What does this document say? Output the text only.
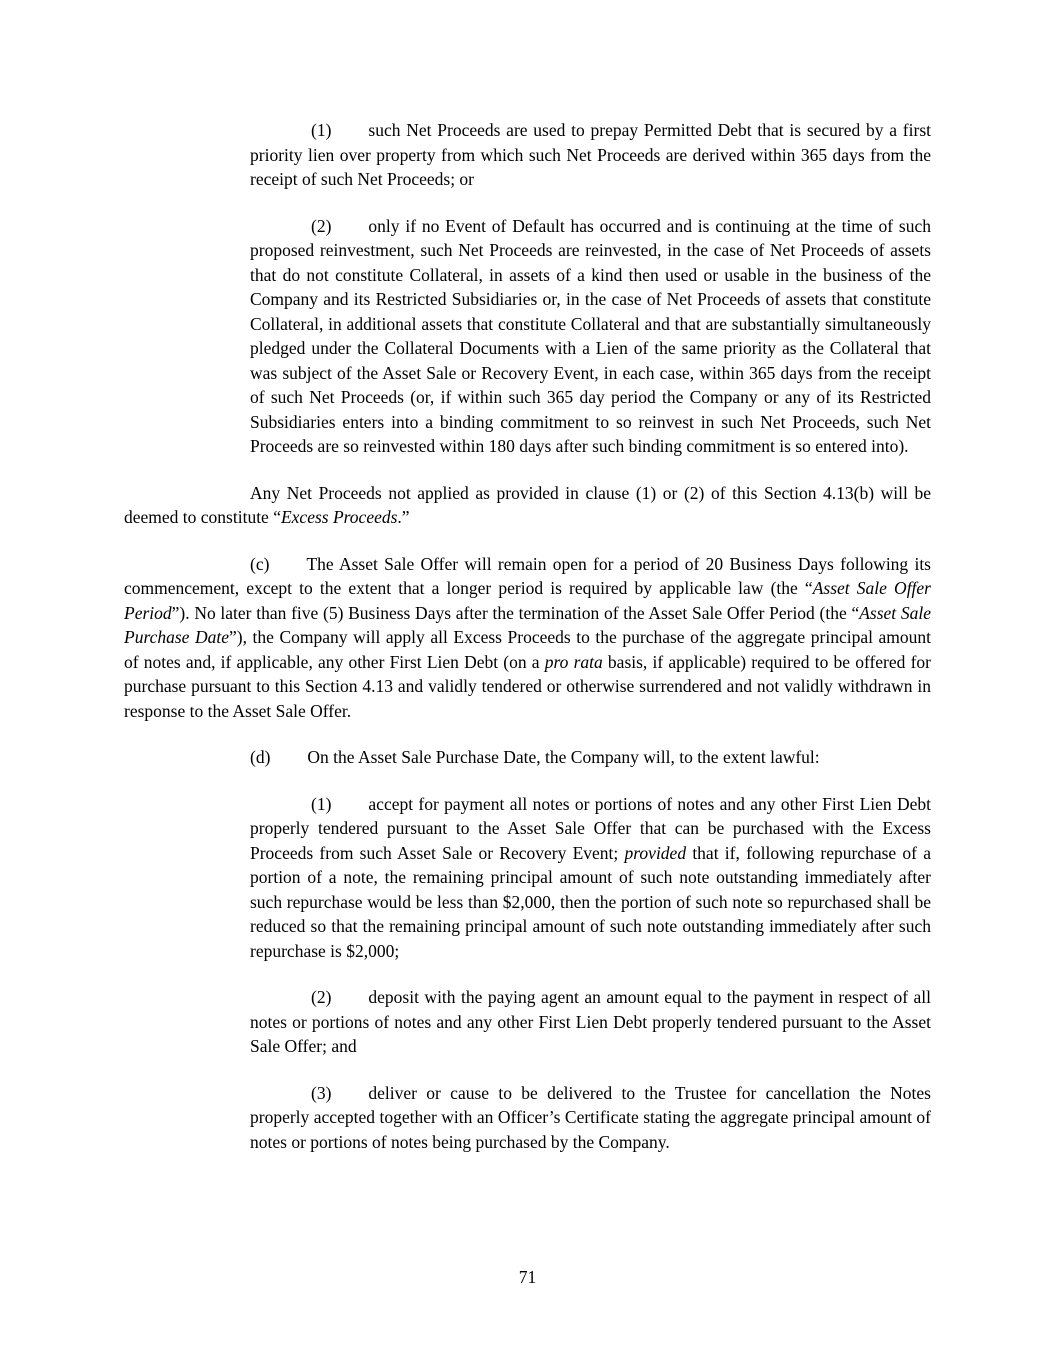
(1) such Net Proceeds are used to prepay Permitted Debt that is secured by a first priority lien over property from which such Net Proceeds are derived within 365 days from the receipt of such Net Proceeds; or

(2) only if no Event of Default has occurred and is continuing at the time of such proposed reinvestment, such Net Proceeds are reinvested, in the case of Net Proceeds of assets that do not constitute Collateral, in assets of a kind then used or usable in the business of the Company and its Restricted Subsidiaries or, in the case of Net Proceeds of assets that constitute Collateral, in additional assets that constitute Collateral and that are substantially simultaneously pledged under the Collateral Documents with a Lien of the same priority as the Collateral that was subject of the Asset Sale or Recovery Event, in each case, within 365 days from the receipt of such Net Proceeds (or, if within such 365 day period the Company or any of its Restricted Subsidiaries enters into a binding commitment to so reinvest in such Net Proceeds, such Net Proceeds are so reinvested within 180 days after such binding commitment is so entered into).

Any Net Proceeds not applied as provided in clause (1) or (2) of this Section 4.13(b) will be deemed to constitute “Excess Proceeds.”

(c) The Asset Sale Offer will remain open for a period of 20 Business Days following its commencement, except to the extent that a longer period is required by applicable law (the “Asset Sale Offer Period”). No later than five (5) Business Days after the termination of the Asset Sale Offer Period (the “Asset Sale Purchase Date”), the Company will apply all Excess Proceeds to the purchase of the aggregate principal amount of notes and, if applicable, any other First Lien Debt (on a pro rata basis, if applicable) required to be offered for purchase pursuant to this Section 4.13 and validly tendered or otherwise surrendered and not validly withdrawn in response to the Asset Sale Offer.

(d) On the Asset Sale Purchase Date, the Company will, to the extent lawful:

(1) accept for payment all notes or portions of notes and any other First Lien Debt properly tendered pursuant to the Asset Sale Offer that can be purchased with the Excess Proceeds from such Asset Sale or Recovery Event; provided that if, following repurchase of a portion of a note, the remaining principal amount of such note outstanding immediately after such repurchase would be less than $2,000, then the portion of such note so repurchased shall be reduced so that the remaining principal amount of such note outstanding immediately after such repurchase is $2,000;

(2) deposit with the paying agent an amount equal to the payment in respect of all notes or portions of notes and any other First Lien Debt properly tendered pursuant to the Asset Sale Offer; and

(3) deliver or cause to be delivered to the Trustee for cancellation the Notes properly accepted together with an Officer’s Certificate stating the aggregate principal amount of notes or portions of notes being purchased by the Company.

71
